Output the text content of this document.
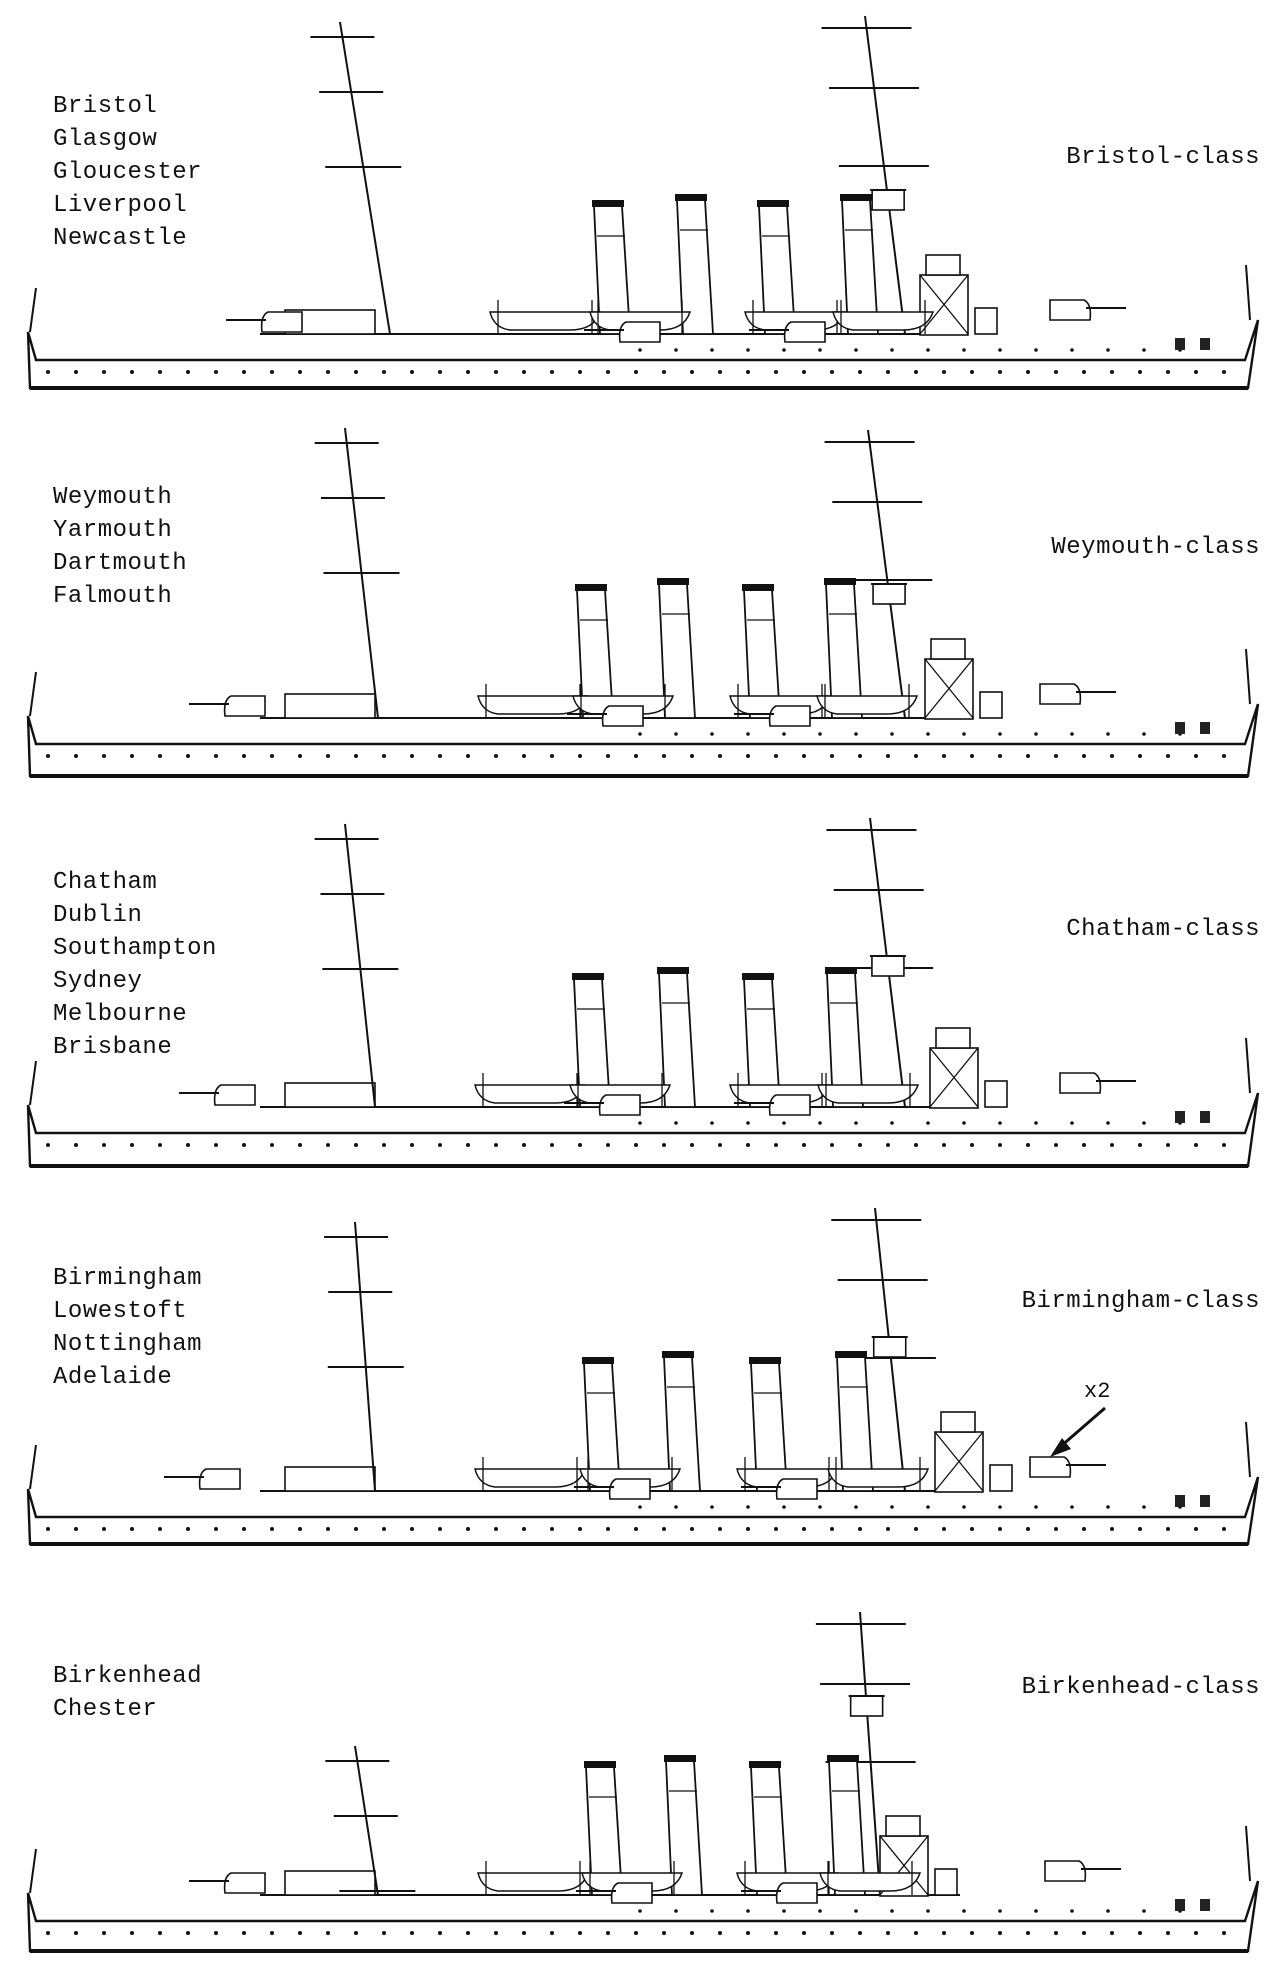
Bristol
Glasgow
Gloucester
Liverpool
Newcastle
Bristol-class
Weymouth
Yarmouth
Dartmouth
Falmouth
Weymouth-class
Chatham
Dublin
Southampton
Sydney
Melbourne
Brisbane
Chatham-class
Birmingham
Lowestoft
Nottingham
Adelaide
Birmingham-class
x2
Birkenhead
Chester
Birkenhead-class
